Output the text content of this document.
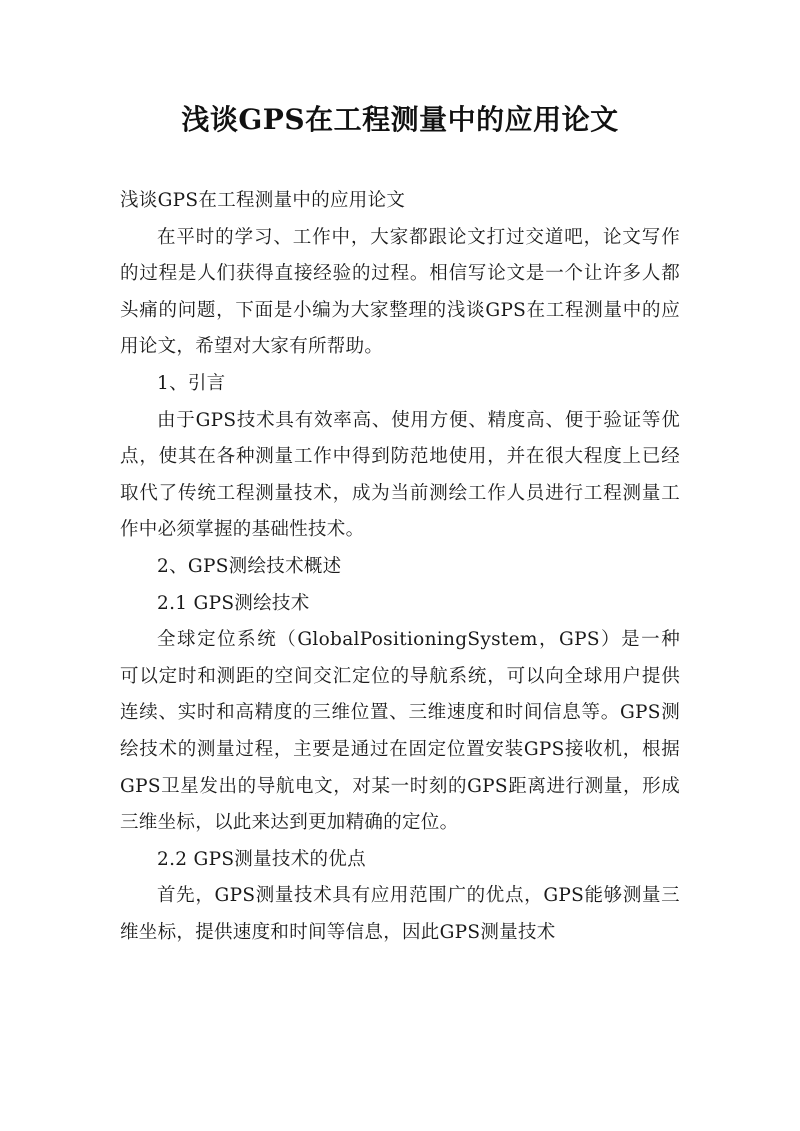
浅谈GPS在工程测量中的应用论文

浅谈GPS在工程测量中的应用论文

在平时的学习、工作中，大家都跟论文打过交道吧，论文写作的过程是人们获得直接经验的过程。相信写论文是一个让许多人都头痛的问题，下面是小编为大家整理的浅谈GPS在工程测量中的应用论文，希望对大家有所帮助。

1、引言

由于GPS技术具有效率高、使用方便、精度高、便于验证等优点，使其在各种测量工作中得到防范地使用，并在很大程度上已经取代了传统工程测量技术，成为当前测绘工作人员进行工程测量工作中必须掌握的基础性技术。

2、GPS测绘技术概述

2.1 GPS测绘技术

全球定位系统（GlobalPositioningSystem，GPS）是一种可以定时和测距的空间交汇定位的导航系统，可以向全球用户提供连续、实时和高精度的三维位置、三维速度和时间信息等。GPS测绘技术的测量过程，主要是通过在固定位置安装GPS接收机，根据GPS卫星发出的导航电文，对某一时刻的GPS距离进行测量，形成三维坐标，以此来达到更加精确的定位。

2.2 GPS测量技术的优点

首先，GPS测量技术具有应用范围广的优点，GPS能够测量三维坐标，提供速度和时间等信息，因此GPS测量技术
